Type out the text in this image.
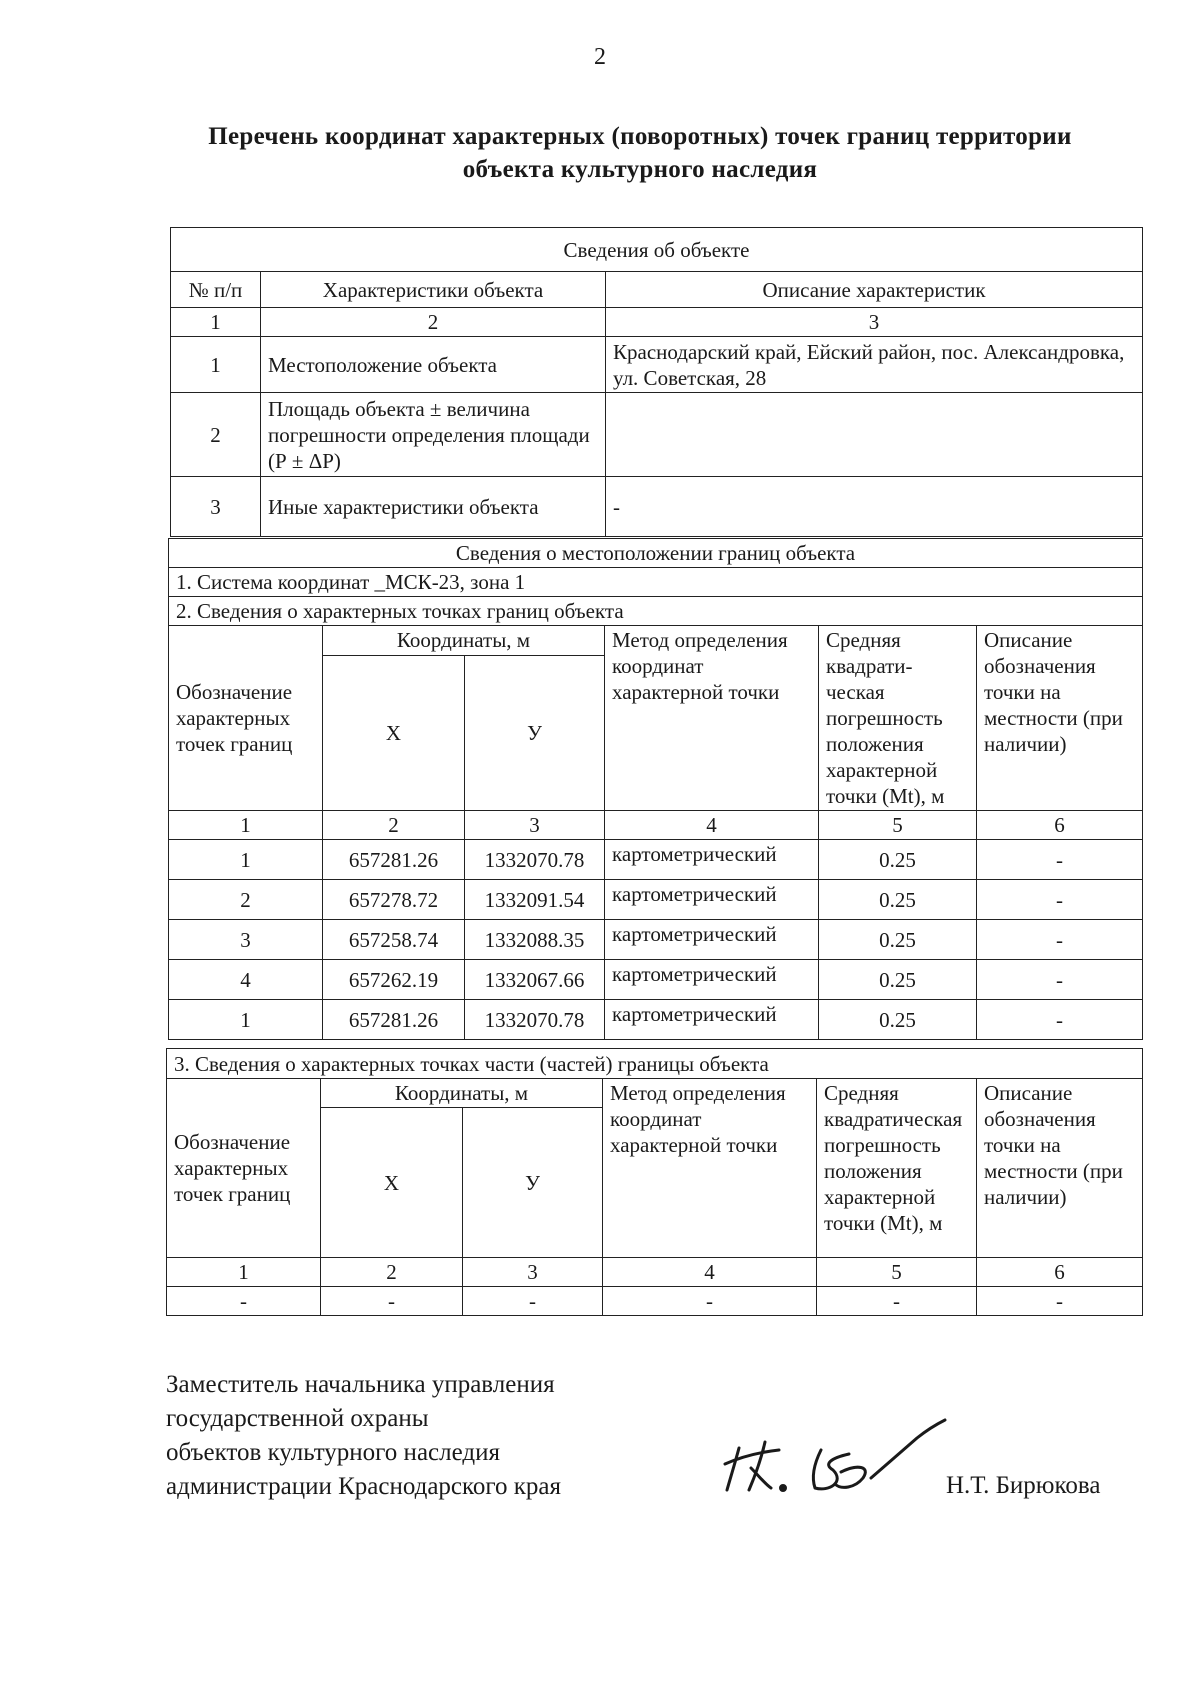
2
Перечень координат характерных (поворотных) точек границ территории
объекта культурного наследия
Сведения об объекте		
№ п/п	Характеристики объекта	Описание характеристик
1	2	3
1	Местоположение объекта	Краснодарский край, Ейский район, пос. Александровка, ул. Советская, 28
2	Площадь объекта ± величина погрешности определения площади (Р ± ΔР)	
3	Иные характеристики объекта	-
Сведения о местоположении границ объекта					
1. Система координат _МСК-23, зона 1					
2. Сведения о характерных точках границ объекта					
Обозначение характерных точек границ	Координаты, м		Метод определения координат характерной точки	Средняя квадрати-ческая погрешность положения характерной точки (Мt), м	Описание обозначения точки на местности (при наличии)
	Х	У			
1	2	3	4	5	6
1	657281.26	1332070.78	картометрический	0.25	-
2	657278.72	1332091.54	картометрический	0.25	-
3	657258.74	1332088.35	картометрический	0.25	-
4	657262.19	1332067.66	картометрический	0.25	-
1	657281.26	1332070.78	картометрический	0.25	-
3. Сведения о характерных точках части (частей) границы объекта					
Обозначение характерных точек границ	Координаты, м		Метод определения координат характерной точки	Средняя квадратическая погрешность положения характерной точки (Мt), м	Описание обозначения точки на местности (при наличии)
	Х	У			
1	2	3	4	5	6
-	-	-	-	-	-
Заместитель начальника управления
государственной охраны
объектов культурного наследия
администрации Краснодарского края	Н.Т. Бирюкова
